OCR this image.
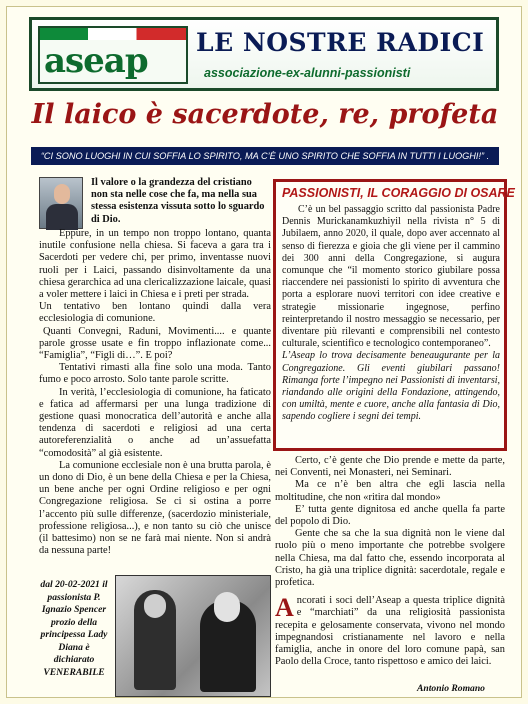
aseap	LE NOSTRE RADICI
associazione-ex-alunni-passionisti
Il laico è sacerdote, re, profeta
“CI SONO LUOGHI IN CUI SOFFIA LO SPIRITO, MA C’È UNO SPIRITO CHE SOFFIA IN TUTTI I LUOGHI!” .
Il valore o la grandezza del cristiano non sta nelle cose che fa, ma nella sua stessa esistenza vissuta sotto lo sguardo di Dio.

Eppure, in un tempo non troppo lontano, quanta inutile confusione nella chiesa. Si faceva a gara tra i Sacerdoti per vedere chi, per primo, inventasse nuovi ruoli per i Laici, passando disinvoltamente da una chiesa gerarchica ad una clericalizzazione laicale, quasi a voler mettere i laici in Chiesa e i preti per strada.

Un tentativo ben lontano quindi dalla vera ecclesiologia di comunione.

Quanti Convegni, Raduni, Movimenti.... e quante parole grosse usate e fin troppo inflazionate come... “Famiglia”, “Figli di…”. E poi?

Tentativi rimasti alla fine solo una moda. Tanto fumo e poco arrosto. Solo tante parole scritte.

In verità, l’ecclesiologia di comunione, ha faticato e fatica ad affermarsi per una lunga tradizione di gestione quasi monocratica dell’autorità e anche alla tendenza di sacerdoti e religiosi ad una certa autoreferenzialità o anche ad un’assuefatta “comodosità” al già esistente.

La comunione ecclesiale non è una brutta parola, è un dono di Dio, è un bene della Chiesa e per la Chiesa, un bene anche per ogni Ordine religioso e per ogni Congregazione religiosa. Se ci si ostina a porre l’accento più sulle differenze, (sacerdozio ministeriale, professione religiosa...), e non tanto su ciò che unisce (il battesimo) non se ne farà mai niente. Non si andrà da nessuna parte!

PASSIONISTI, IL CORAGGIO DI OSARE

C’è un bel passaggio scritto dal passionista Padre Dennis Murickanamkuzhiyil nella rivista n° 5 di Jubilaem, anno 2020, il quale, dopo aver accennato al senso di fierezza e gioia che gli viene per il cammino dei 300 anni della Congregazione, si augura comunque che “il momento storico giubilare possa riaccendere nei passionisti lo spirito di avventura che porta a esplorare nuovi territori con idee creative e strategie missionarie ingegnose, perfino reinterpretando il nostro messaggio se necessario, per diventare più rilevanti e comprensibili nel contesto culturale, scientifico e tecnologico contemporaneo”.

L’Aseap lo trova decisamente beneaugurante per la Congregazione. Gli eventi giubilari passano! Rimanga forte l’impegno nei Passionisti di inventarsi, riandando alle origini della Fondazione, attingendo, con umiltà, mente e cuore, anche alla fantasia di Dio, sapendo cogliere i segni dei tempi.

Certo, c’è gente che Dio prende e mette da parte, nei Conventi, nei Monasteri, nei Seminari.

Ma ce n’è ben altra che egli lascia nella moltitudine, che non «ritira dal mondo»

E’ tutta gente dignitosa ed anche quella fa parte del popolo di Dio.

Gente che sa che la sua dignità non le viene dal ruolo più o meno importante che potrebbe svolgere nella Chiesa, ma dal fatto che, essendo incorporata al Cristo, ha già una triplice dignità: sacerdotale, regale e profetica.

Ancorati i soci dell’Aseap a questa triplice dignità e “marchiati” da una religiosità passionista recepita e gelosamente conservata, vivono nel mondo impegnandosi cristianamente nel lavoro e nella famiglia, anche in onore del loro comune papà, san Paolo della Croce, tanto rispettoso e amico dei laici.

dal 20-02-2021 il passionista P. Ignazio Spencer prozio della principessa Lady Diana è dichiarato VENERABILE
Antonio Romano
